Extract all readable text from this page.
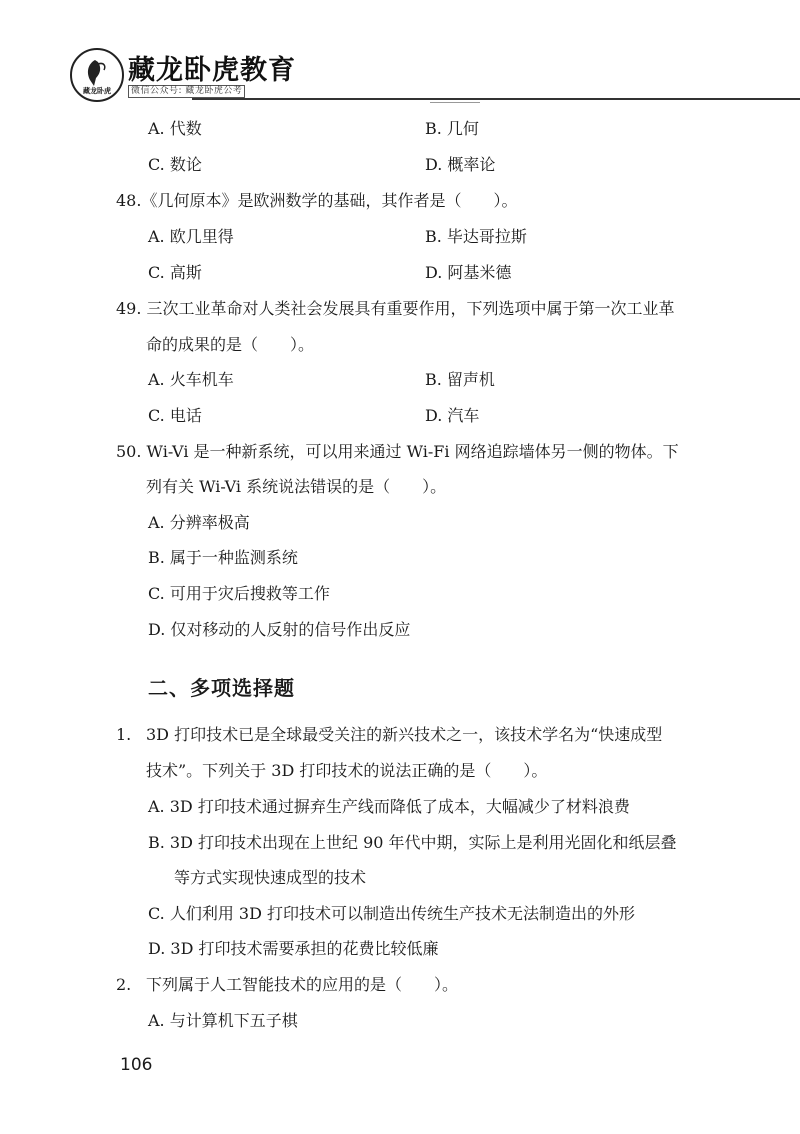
藏龙卧虎
藏龙卧虎教育
微信公众号: 藏龙卧虎公考
A. 代数	B. 几何
C. 数论	D. 概率论
48.《几何原本》是欧洲数学的基础，其作者是（　　）。
A. 欧几里得	B. 毕达哥拉斯
C. 高斯	D. 阿基米德
49. 三次工业革命对人类社会发展具有重要作用，下列选项中属于第一次工业革
命的成果的是（　　）。
A. 火车机车	B. 留声机
C. 电话	D. 汽车
50. Wi-Vi 是一种新系统，可以用来通过 Wi-Fi 网络追踪墙体另一侧的物体。下
列有关 Wi-Vi 系统说法错误的是（　　）。
A. 分辨率极高
B. 属于一种监测系统
C. 可用于灾后搜救等工作
D. 仅对移动的人反射的信号作出反应
二、多项选择题
1. 3D 打印技术已是全球最受关注的新兴技术之一，该技术学名为“快速成型
技术”。下列关于 3D 打印技术的说法正确的是（　　）。
A. 3D 打印技术通过摒弃生产线而降低了成本，大幅减少了材料浪费
B. 3D 打印技术出现在上世纪 90 年代中期，实际上是利用光固化和纸层叠
等方式实现快速成型的技术
C. 人们利用 3D 打印技术可以制造出传统生产技术无法制造出的外形
D. 3D 打印技术需要承担的花费比较低廉
2. 下列属于人工智能技术的应用的是（　　）。
A. 与计算机下五子棋
106
